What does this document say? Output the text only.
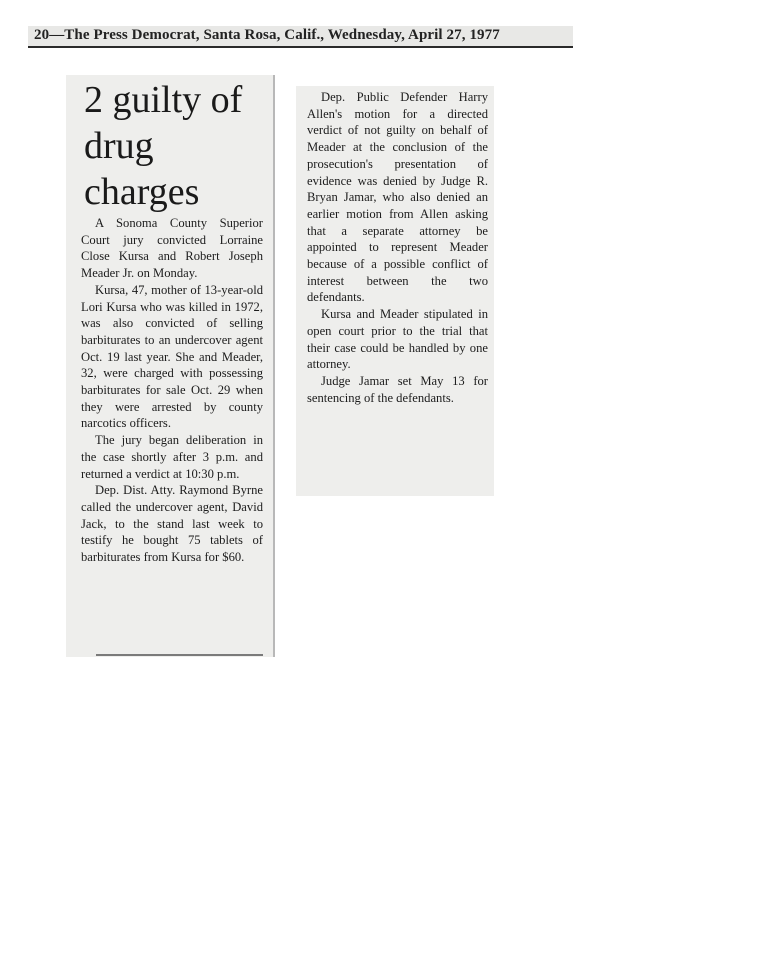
20—The Press Democrat, Santa Rosa, Calif., Wednesday, April 27, 1977
2 guilty of drug charges

A Sonoma County Superior Court jury convicted Lorraine Close Kursa and Robert Joseph Meader Jr. on Monday.

Kursa, 47, mother of 13-year-old Lori Kursa who was killed in 1972, was also convicted of selling barbiturates to an undercover agent Oct. 19 last year. She and Meader, 32, were charged with possessing barbiturates for sale Oct. 29 when they were arrested by county narcotics officers.

The jury began deliberation in the case shortly after 3 p.m. and returned a verdict at 10:30 p.m.

Dep. Dist. Atty. Raymond Byrne called the undercover agent, David Jack, to the stand last week to testify he bought 75 tablets of barbiturates from Kursa for $60.

Dep. Public Defender Harry Allen's motion for a directed verdict of not guilty on behalf of Meader at the conclusion of the prosecution's presentation of evidence was denied by Judge R. Bryan Jamar, who also denied an earlier motion from Allen asking that a separate attorney be appointed to represent Meader because of a possible conflict of interest between the two defendants.

Kursa and Meader stipulated in open court prior to the trial that their case could be handled by one attorney.

Judge Jamar set May 13 for sentencing of the defendants.
